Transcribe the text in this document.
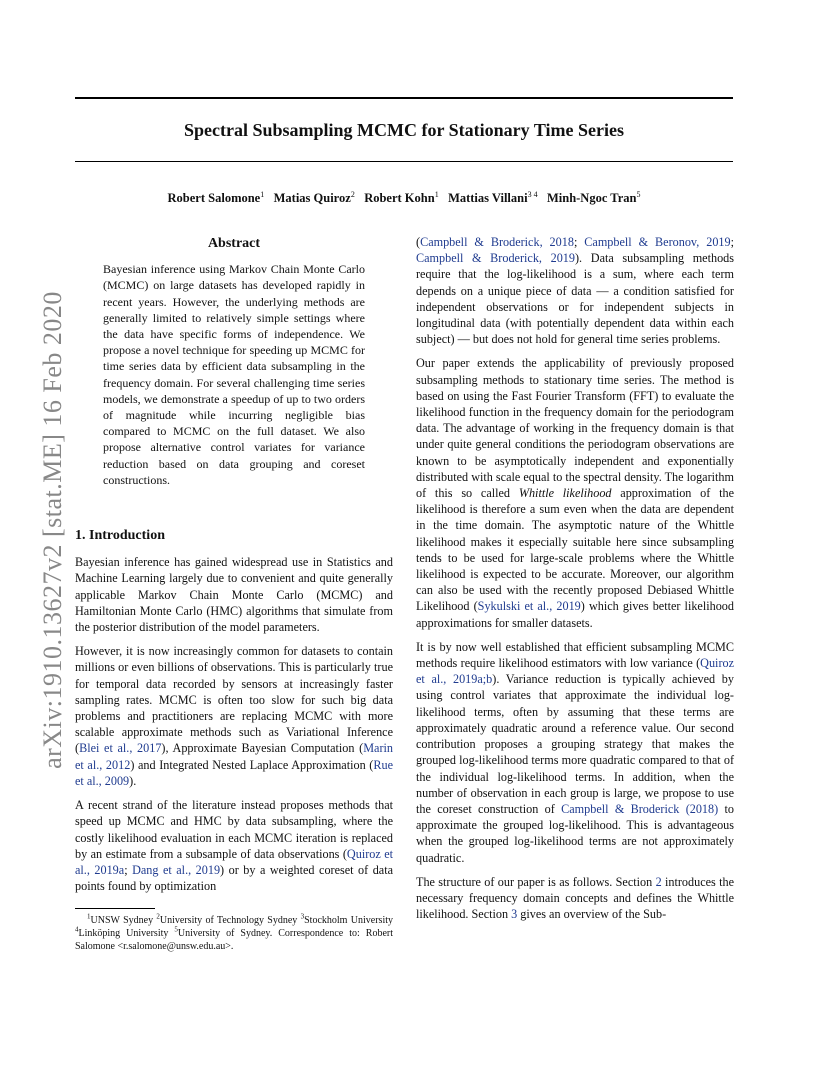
Spectral Subsampling MCMC for Stationary Time Series
Robert Salomone$^1$ Matias Quiroz$^2$ Robert Kohn$^1$ Mattias Villani$^{3 4}$ Minh-Ngoc Tran$^5$
arXiv:1910.13627v2 [stat.ME] 16 Feb 2020
Abstract

Bayesian inference using Markov Chain Monte Carlo (MCMC) on large datasets has developed rapidly in recent years. However, the underlying methods are generally limited to relatively simple settings where the data have specific forms of independence. We propose a novel technique for speeding up MCMC for time series data by efficient data subsampling in the frequency domain. For several challenging time series models, we demonstrate a speedup of up to two orders of magnitude while incurring negligible bias compared to MCMC on the full dataset. We also propose alternative control variates for variance reduction based on data grouping and coreset constructions.

1. Introduction

Bayesian inference has gained widespread use in Statistics and Machine Learning largely due to convenient and quite generally applicable Markov Chain Monte Carlo (MCMC) and Hamiltonian Monte Carlo (HMC) algorithms that simulate from the posterior distribution of the model parameters.

However, it is now increasingly common for datasets to contain millions or even billions of observations. This is particularly true for temporal data recorded by sensors at increasingly faster sampling rates. MCMC is often too slow for such big data problems and practitioners are replacing MCMC with more scalable approximate methods such as Variational Inference (Blei et al., 2017), Approximate Bayesian Computation (Marin et al., 2012) and Integrated Nested Laplace Approximation (Rue et al., 2009).

A recent strand of the literature instead proposes methods that speed up MCMC and HMC by data subsampling, where the costly likelihood evaluation in each MCMC iteration is replaced by an estimate from a subsample of data observations (Quiroz et al., 2019a; Dang et al., 2019) or by a weighted coreset of data points found by optimization

$^1$UNSW Sydney $^2$University of Technology Sydney $^3$Stockholm University $^4$Linköping University $^5$University of Sydney. Correspondence to: Robert Salomone <r.salomone@unsw.edu.au>.

(Campbell & Broderick, 2018; Campbell & Beronov, 2019; Campbell & Broderick, 2019). Data subsampling methods require that the log-likelihood is a sum, where each term depends on a unique piece of data — a condition satisfied for independent observations or for independent subjects in longitudinal data (with potentially dependent data within each subject) — but does not hold for general time series problems.

Our paper extends the applicability of previously proposed subsampling methods to stationary time series. The method is based on using the Fast Fourier Transform (FFT) to evaluate the likelihood function in the frequency domain for the periodogram data. The advantage of working in the frequency domain is that under quite general conditions the periodogram observations are known to be asymptotically independent and exponentially distributed with scale equal to the spectral density. The logarithm of this so called Whittle likelihood approximation of the likelihood is therefore a sum even when the data are dependent in the time domain. The asymptotic nature of the Whittle likelihood makes it especially suitable here since subsampling tends to be used for large-scale problems where the Whittle likelihood is expected to be accurate. Moreover, our algorithm can also be used with the recently proposed Debiased Whittle Likelihood (Sykulski et al., 2019) which gives better likelihood approximations for smaller datasets.

It is by now well established that efficient subsampling MCMC methods require likelihood estimators with low variance (Quiroz et al., 2019a;b). Variance reduction is typically achieved by using control variates that approximate the individual log-likelihood terms, often by assuming that these terms are approximately quadratic around a reference value. Our second contribution proposes a grouping strategy that makes the grouped log-likelihood terms more quadratic compared to that of the individual log-likelihood terms. In addition, when the number of observation in each group is large, we propose to use the coreset construction of Campbell & Broderick (2018) to approximate the grouped log-likelihood. This is advantageous when the grouped log-likelihood terms are not approximately quadratic.

The structure of our paper is as follows. Section 2 introduces the necessary frequency domain concepts and defines the Whittle likelihood. Section 3 gives an overview of the Sub-
